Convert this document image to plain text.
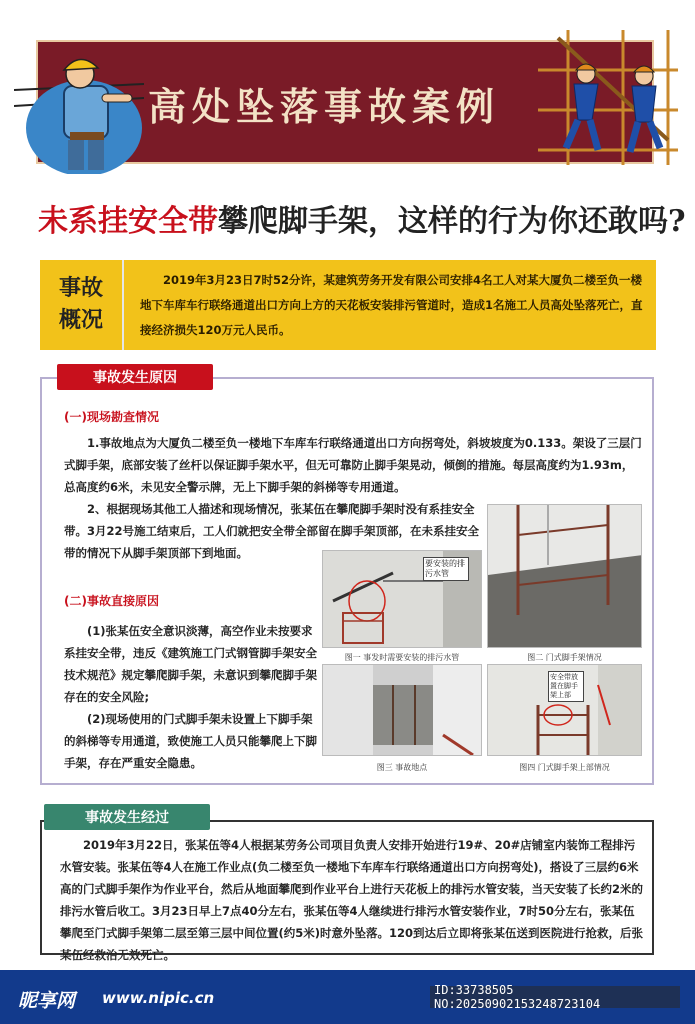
高处坠落事故案例
未系挂安全带攀爬脚手架，这样的行为你还敢吗?
事故
概况
2019年3月23日7时52分许，某建筑劳务开发有限公司安排4名工人对某大厦负二楼至负一楼地下车库车行联络通道出口方向上方的天花板安装排污管道时，造成1名施工人员高处坠落死亡，直接经济损失120万元人民币。
事故发生原因
(一)现场勘查情况
1.事故地点为大厦负二楼至负一楼地下车库车行联络通道出口方向拐弯处，斜坡坡度为0.133。架设了三层门式脚手架，底部安装了丝杆以保证脚手架水平，但无可靠防止脚手架晃动，倾倒的措施。每层高度约为1.93m，总高度约6米，未见安全警示牌，无上下脚手架的斜梯等专用通道。
2、根据现场其他工人描述和现场情况，张某伍在攀爬脚手架时没有系挂安全带。3月22号施工结束后，工人们就把安全带全部留在脚手架顶部，在未系挂安全带的情况下从脚手架顶部下到地面。
(二)事故直接原因
(1)张某伍安全意识淡薄，高空作业未按要求系挂安全带，违反《建筑施工门式钢管脚手架安全技术规范》规定攀爬脚手架，未意识到攀爬脚手架存在的安全风险;
(2)现场使用的门式脚手架未设置上下脚手架的斜梯等专用通道，致使施工人员只能攀爬上下脚手架，存在严重安全隐患。
要安装的排污水管
图一 事发时需要安装的排污水管	图二 门式脚手架情况
图三 事故地点
安全带放置在脚手架上部
图四 门式脚手架上部情况
事故发生经过
2019年3月22日，张某伍等4人根据某劳务公司项目负责人安排开始进行19#、20#店铺室内装饰工程排污水管安装。张某伍等4人在施工作业点(负二楼至负一楼地下车库车行联络通道出口方向拐弯处)，搭设了三层约6米高的门式脚手架作为作业平台，然后从地面攀爬到作业平台上进行天花板上的排污水管安装，当天安装了长约2米的排污水管后收工。3月23日早上7点40分左右，张某伍等4人继续进行排污水管安装作业，7时50分左右，张某伍攀爬至门式脚手架第二层至第三层中间位置(约5米)时意外坠落。120到达后立即将张某伍送到医院进行抢救，后张某伍经救治无效死亡。
昵享网 www.nipic.cn	ID:33738505 NO:20250902153248723104
